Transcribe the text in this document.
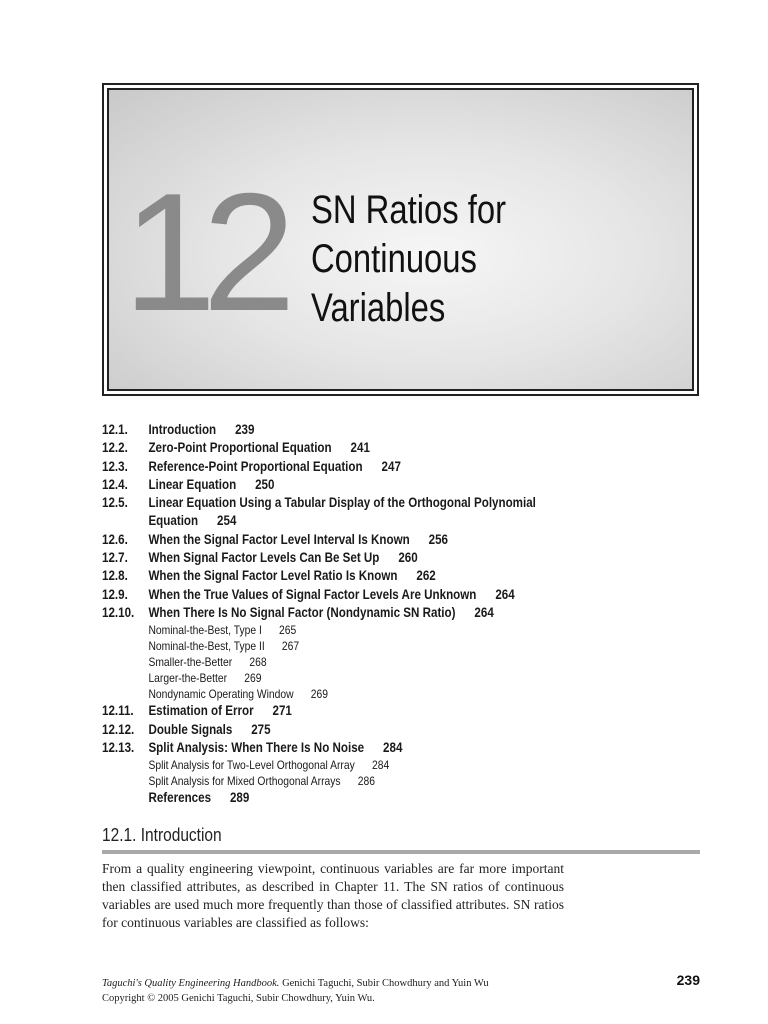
12 SN Ratios for
Continuous
Variables
12.1.	Introduction 239
12.2.	Zero-Point Proportional Equation 241
12.3.	Reference-Point Proportional Equation 247
12.4.	Linear Equation 250
12.5.	Linear Equation Using a Tabular Display of the Orthogonal Polynomial
Equation 254
12.6.	When the Signal Factor Level Interval Is Known 256
12.7.	When Signal Factor Levels Can Be Set Up 260
12.8.	When the Signal Factor Level Ratio Is Known 262
12.9.	When the True Values of Signal Factor Levels Are Unknown 264
12.10.	When There Is No Signal Factor (Nondynamic SN Ratio) 264
Nominal-the-Best, Type I 265
Nominal-the-Best, Type II 267
Smaller-the-Better 268
Larger-the-Better 269
Nondynamic Operating Window 269
12.11.	Estimation of Error 271
12.12.	Double Signals 275
12.13.	Split Analysis: When There Is No Noise 284
Split Analysis for Two-Level Orthogonal Array 284
Split Analysis for Mixed Orthogonal Arrays 286
References 289
12.1. Introduction

From a quality engineering viewpoint, continuous variables are far more important then classified attributes, as described in Chapter 11. The SN ratios of continuous variables are used much more frequently than those of classified attributes. SN ratios for continuous variables are classified as follows:

Taguchi's Quality Engineering Handbook. Genichi Taguchi, Subir Chowdhury and Yuin Wu
Copyright © 2005 Genichi Taguchi, Subir Chowdhury, Yuin Wu.
239
